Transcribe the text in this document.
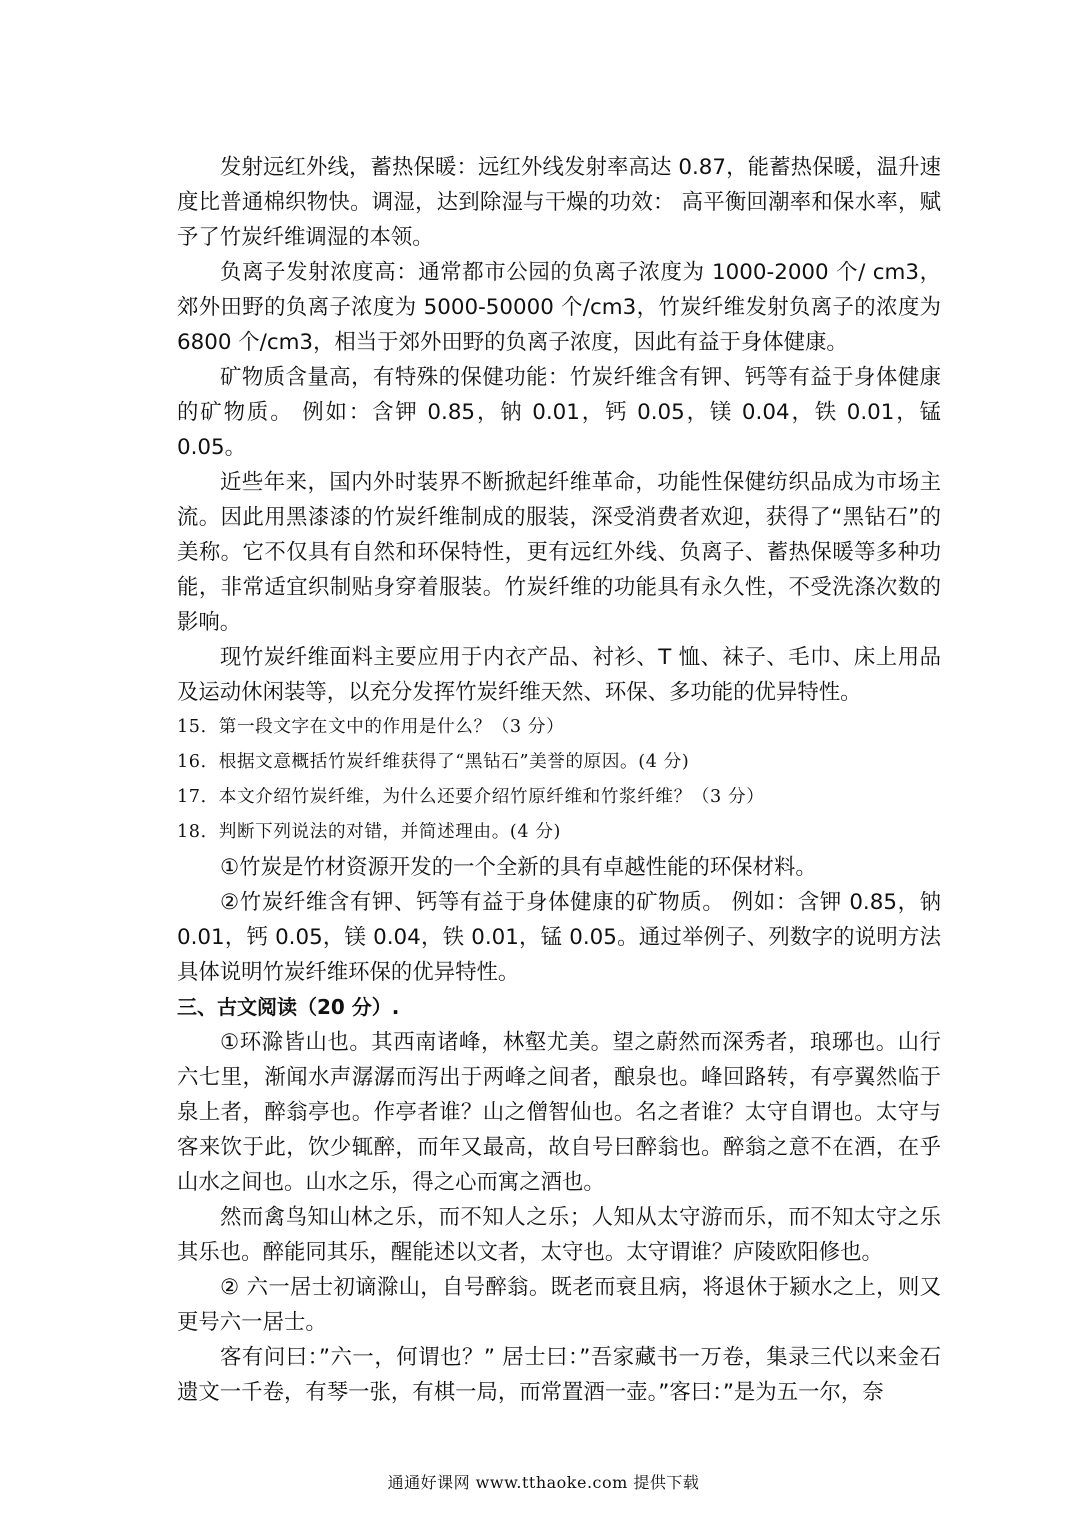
发射远红外线，蓄热保暖：远红外线发射率高达 0.87，能蓄热保暖，温升速度比普通棉织物快。调湿，达到除湿与干燥的功效： 高平衡回潮率和保水率，赋予了竹炭纤维调湿的本领。

负离子发射浓度高：通常都市公园的负离子浓度为 1000-2000 个/ cm3，郊外田野的负离子浓度为 5000-50000 个/cm3，竹炭纤维发射负离子的浓度为 6800 个/cm3，相当于郊外田野的负离子浓度，因此有益于身体健康。

矿物质含量高，有特殊的保健功能：竹炭纤维含有钾、钙等有益于身体健康的矿物质。 例如：含钾 0.85，钠 0.01，钙 0.05，镁 0.04，铁 0.01，锰 0.05。

近些年来，国内外时装界不断掀起纤维革命，功能性保健纺织品成为市场主流。因此用黑漆漆的竹炭纤维制成的服装，深受消费者欢迎，获得了“黑钻石”的美称。它不仅具有自然和环保特性，更有远红外线、负离子、蓄热保暖等多种功能，非常适宜织制贴身穿着服装。竹炭纤维的功能具有永久性，不受洗涤次数的影响。

现竹炭纤维面料主要应用于内衣产品、衬衫、T 恤、袜子、毛巾、床上用品及运动休闲装等，以充分发挥竹炭纤维天然、环保、多功能的优异特性。

15．第一段文字在文中的作用是什么？（3 分）

16．根据文意概括竹炭纤维获得了“黑钻石”美誉的原因。(4 分)

17．本文介绍竹炭纤维，为什么还要介绍竹原纤维和竹浆纤维？（3 分）

18．判断下列说法的对错，并简述理由。(4 分)

①竹炭是竹材资源开发的一个全新的具有卓越性能的环保材料。

②竹炭纤维含有钾、钙等有益于身体健康的矿物质。 例如：含钾 0.85，钠 0.01，钙 0.05，镁 0.04，铁 0.01，锰 0.05。通过举例子、列数字的说明方法具体说明竹炭纤维环保的优异特性。

三、古文阅读（20 分）.

①环滁皆山也。其西南诸峰，林壑尤美。望之蔚然而深秀者，琅琊也。山行六七里，渐闻水声潺潺而泻出于两峰之间者，酿泉也。峰回路转，有亭翼然临于泉上者，醉翁亭也。作亭者谁？山之僧智仙也。名之者谁？太守自谓也。太守与客来饮于此，饮少辄醉，而年又最高，故自号曰醉翁也。醉翁之意不在酒，在乎山水之间也。山水之乐，得之心而寓之酒也。

然而禽鸟知山林之乐，而不知人之乐；人知从太守游而乐，而不知太守之乐其乐也。醉能同其乐，醒能述以文者，太守也。太守谓谁？庐陵欧阳修也。

② 六一居士初谪滁山，自号醉翁。既老而衰且病，将退休于颍水之上，则又更号六一居士。

客有问曰：”六一，何谓也？” 居士曰：”吾家藏书一万卷，集录三代以来金石遗文一千卷，有琴一张，有棋一局，而常置酒一壶。”客曰：”是为五一尔，奈

通通好课网 www.tthaoke.com 提供下载
